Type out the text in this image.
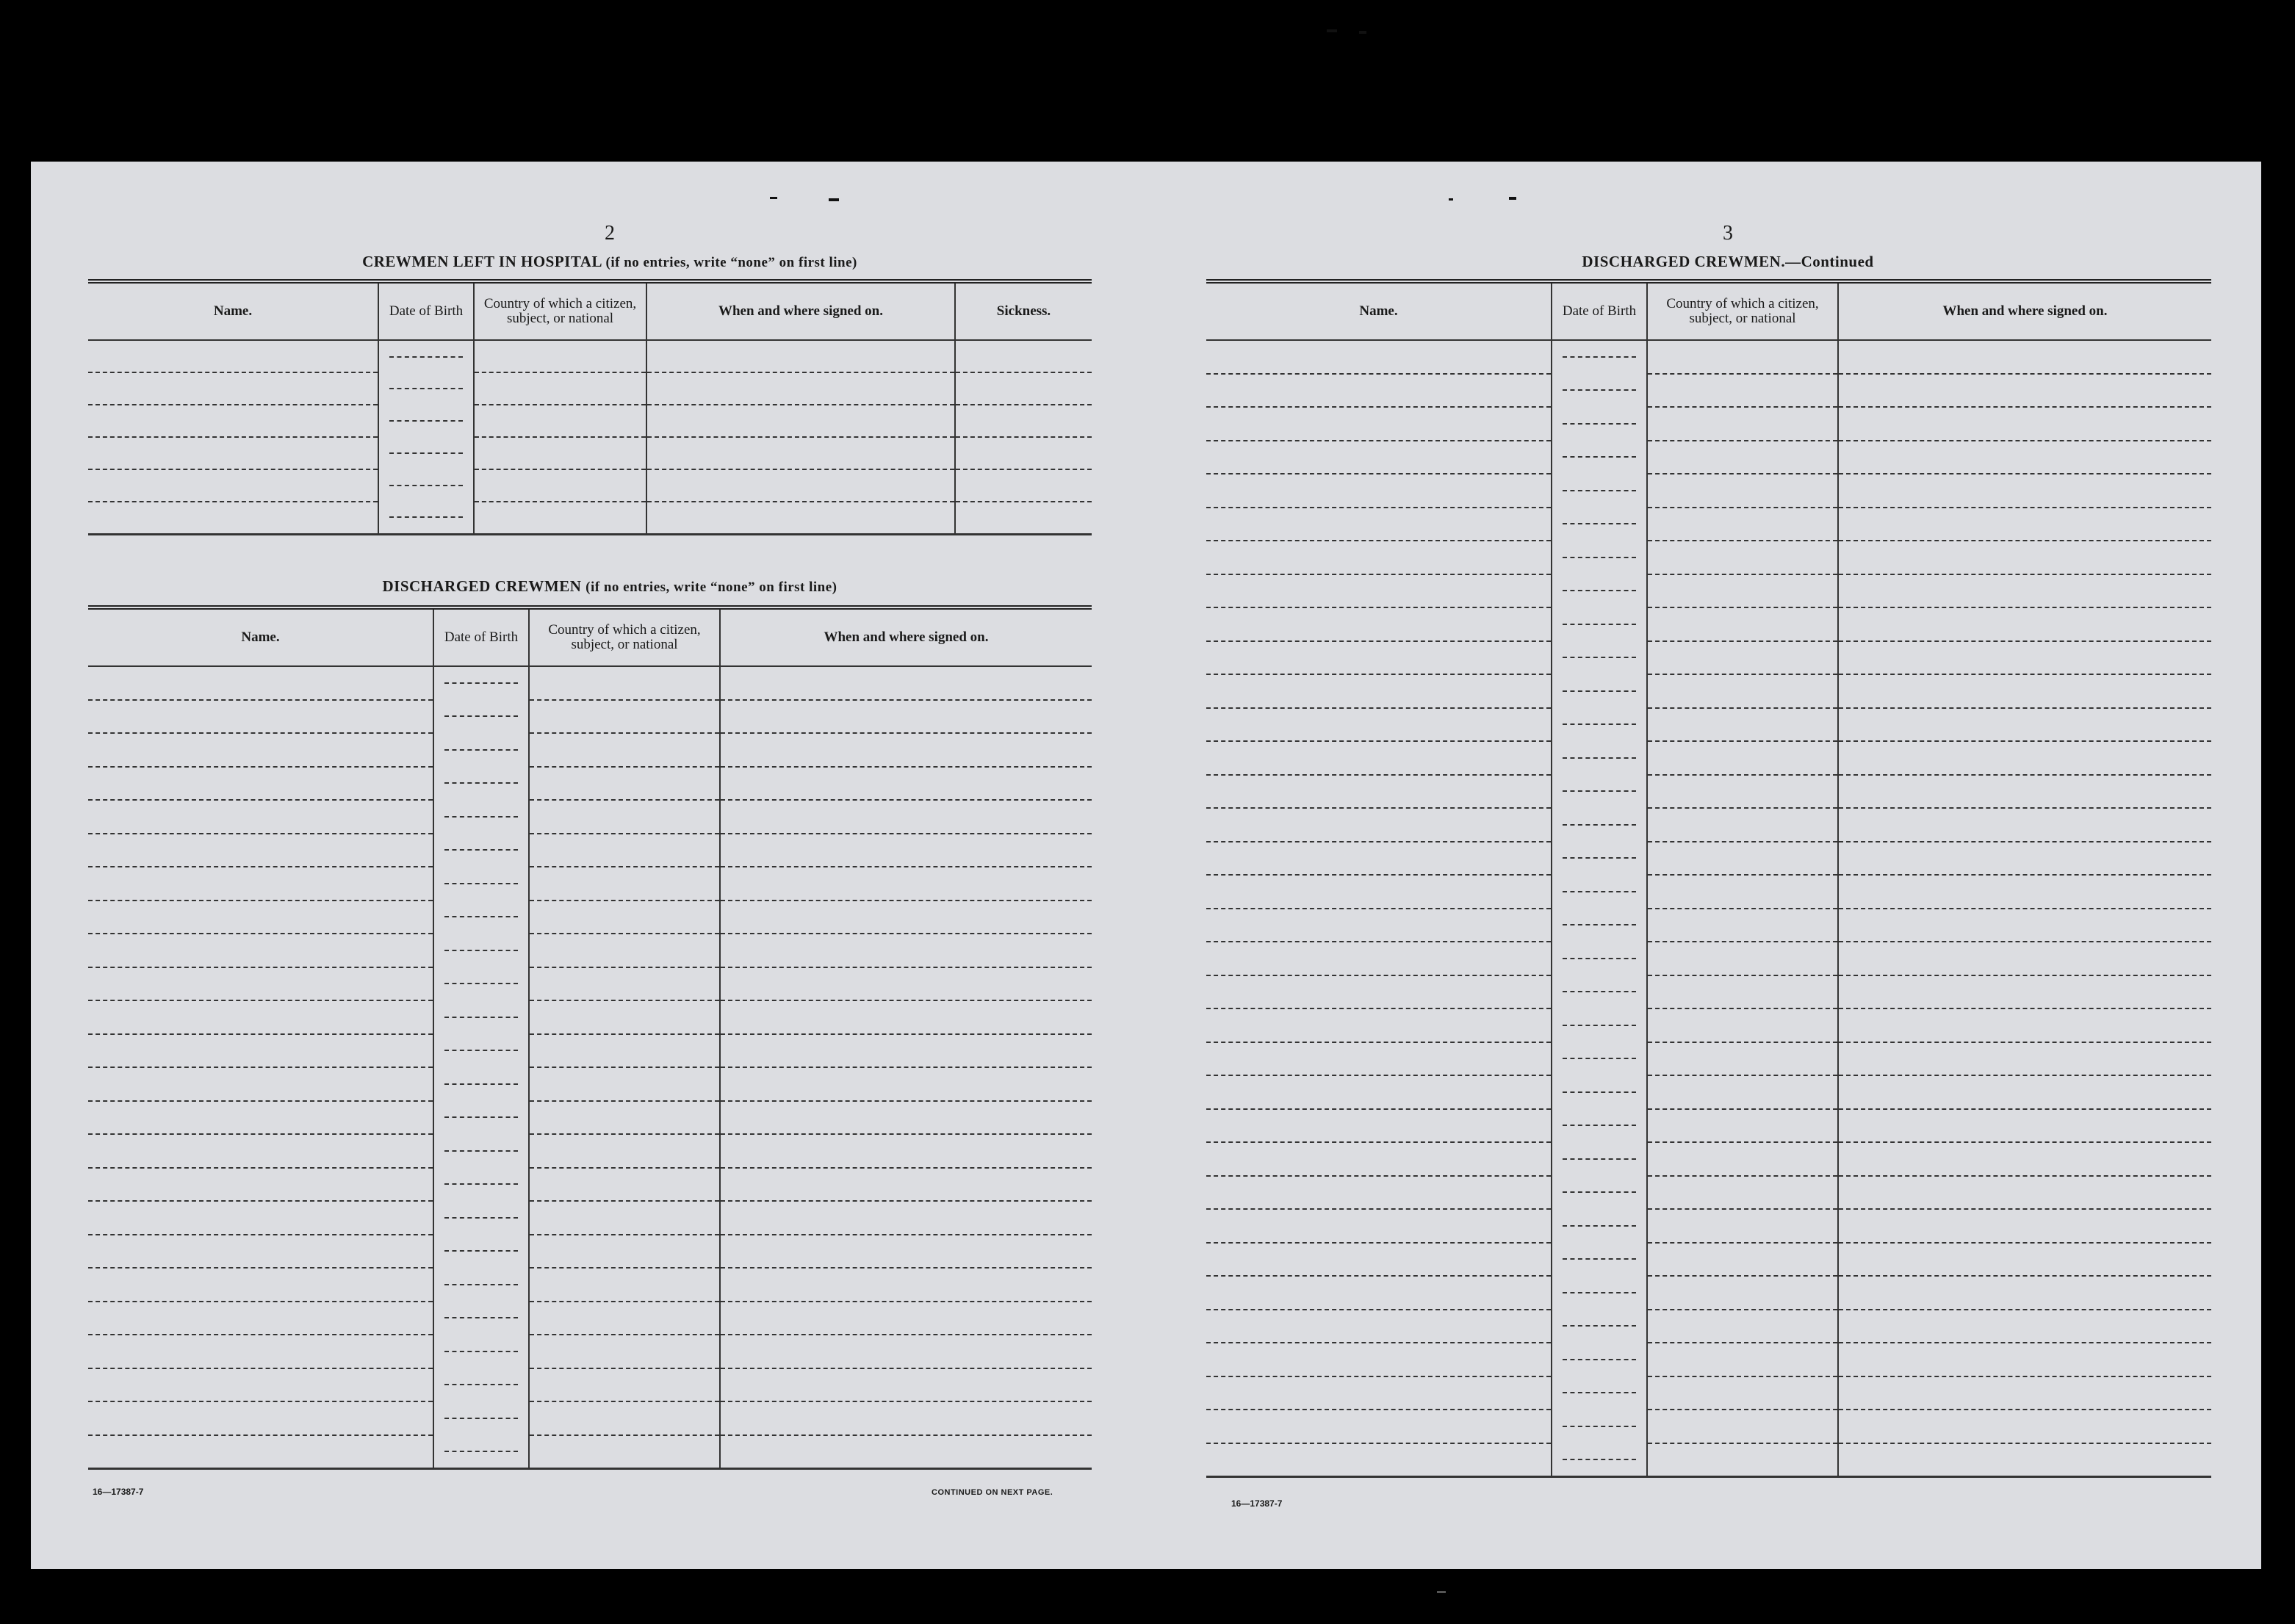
2
CREWMEN LEFT IN HOSPITAL (if no entries, write “none” on first line)
Name.	Date of Birth	Country of which a citizen, subject, or national	When and where signed on.	Sickness.

DISCHARGED CREWMEN (if no entries, write “none” on first line)
Name.	Date of Birth	Country of which a citizen, subject, or national	When and where signed on.

16—17387-7	CONTINUED ON NEXT PAGE.
3
DISCHARGED CREWMEN.—Continued
Name.	Date of Birth	Country of which a citizen, subject, or national	When and where signed on.

16—17387-7
